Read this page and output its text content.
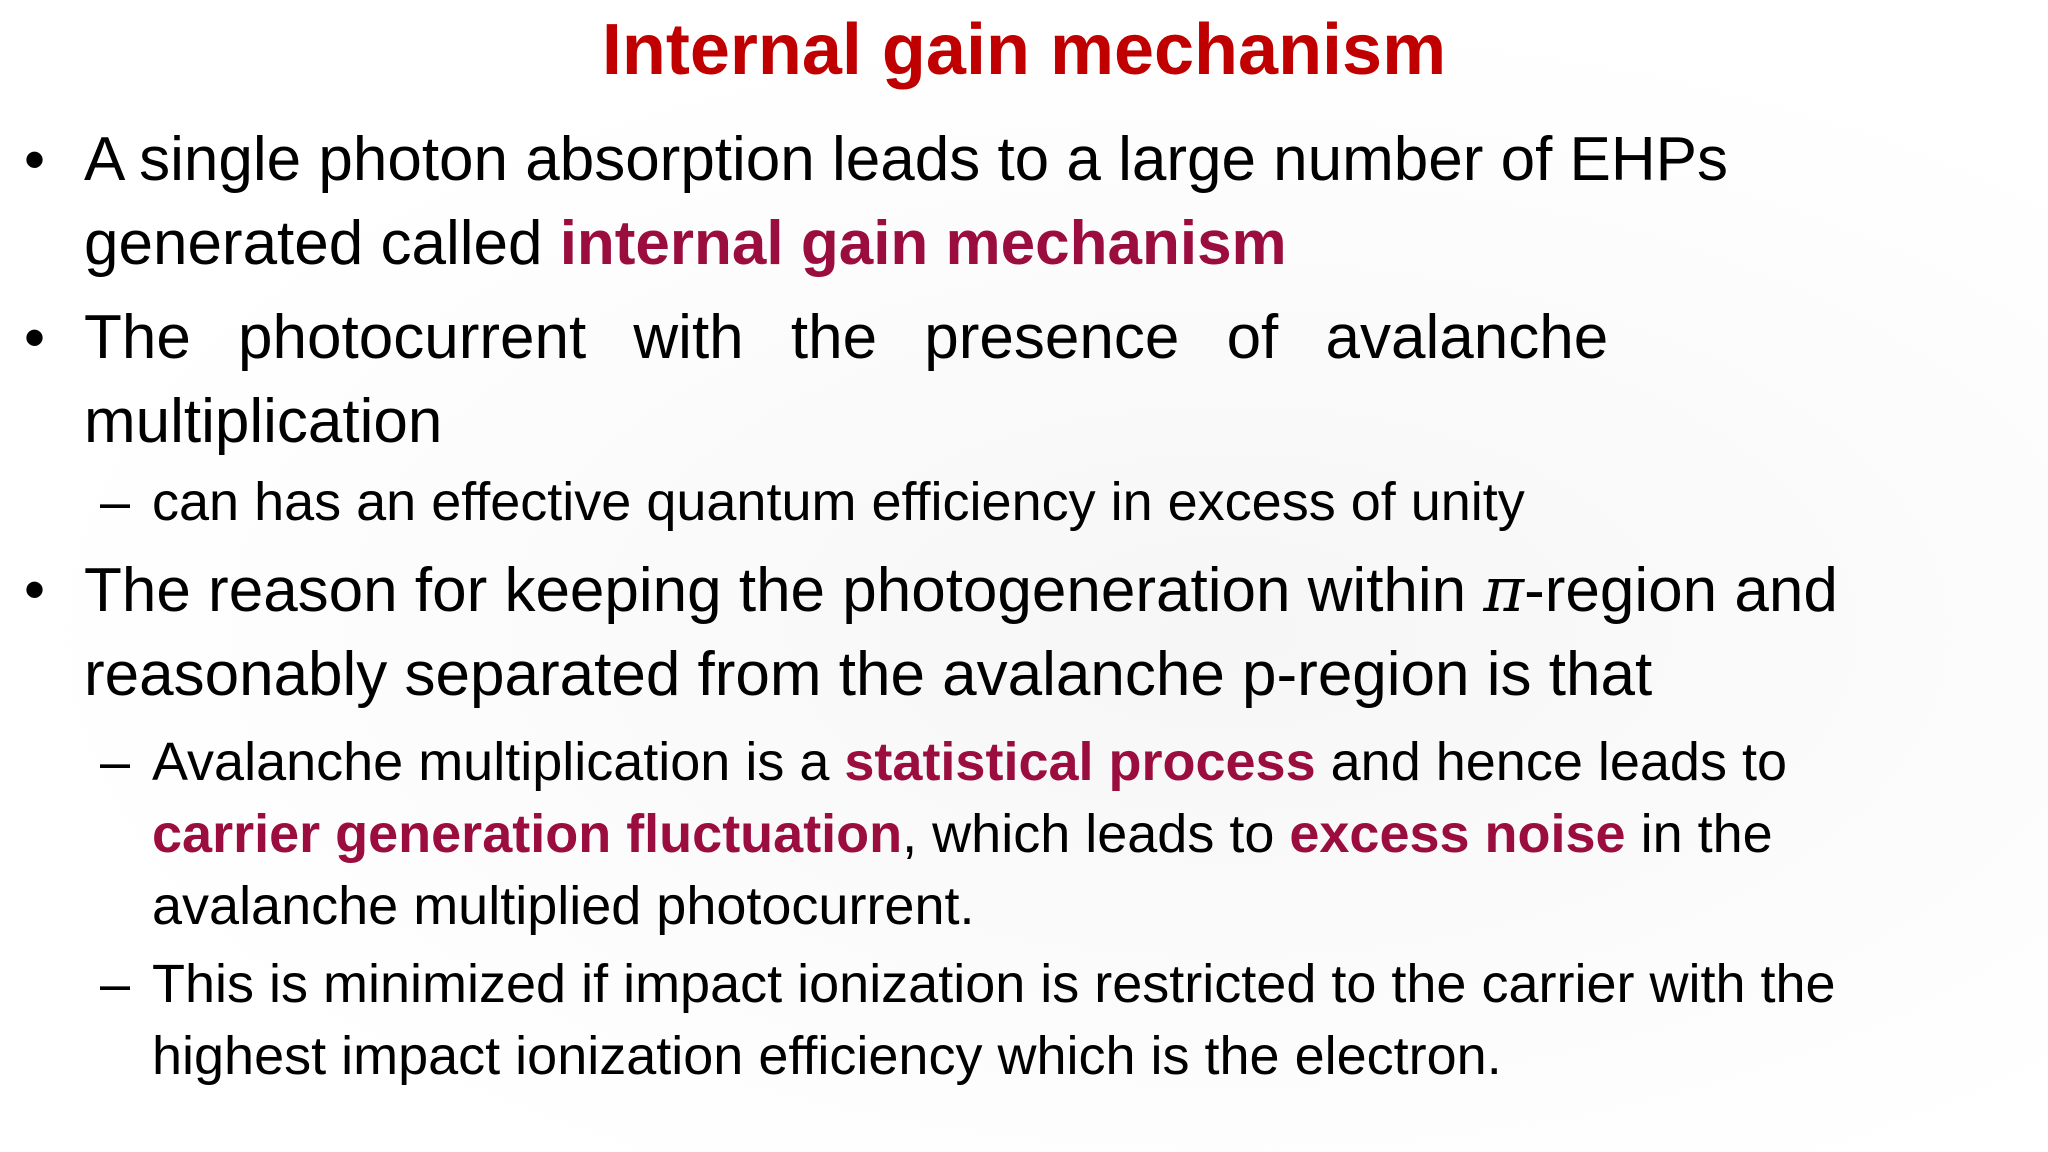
Internal gain mechanism
• A single photon absorption leads to a large number of EHPs
generated called internal gain mechanism
• The photocurrent with the presence of avalanche
multiplication
– can has an effective quantum efficiency in excess of unity
• The reason for keeping the photogeneration within π-region and
reasonably separated from the avalanche p-region is that
– Avalanche multiplication is a statistical process and hence leads to
carrier generation fluctuation, which leads to excess noise in the
avalanche multiplied photocurrent.
– This is minimized if impact ionization is restricted to the carrier with the
highest impact ionization efficiency which is the electron.
